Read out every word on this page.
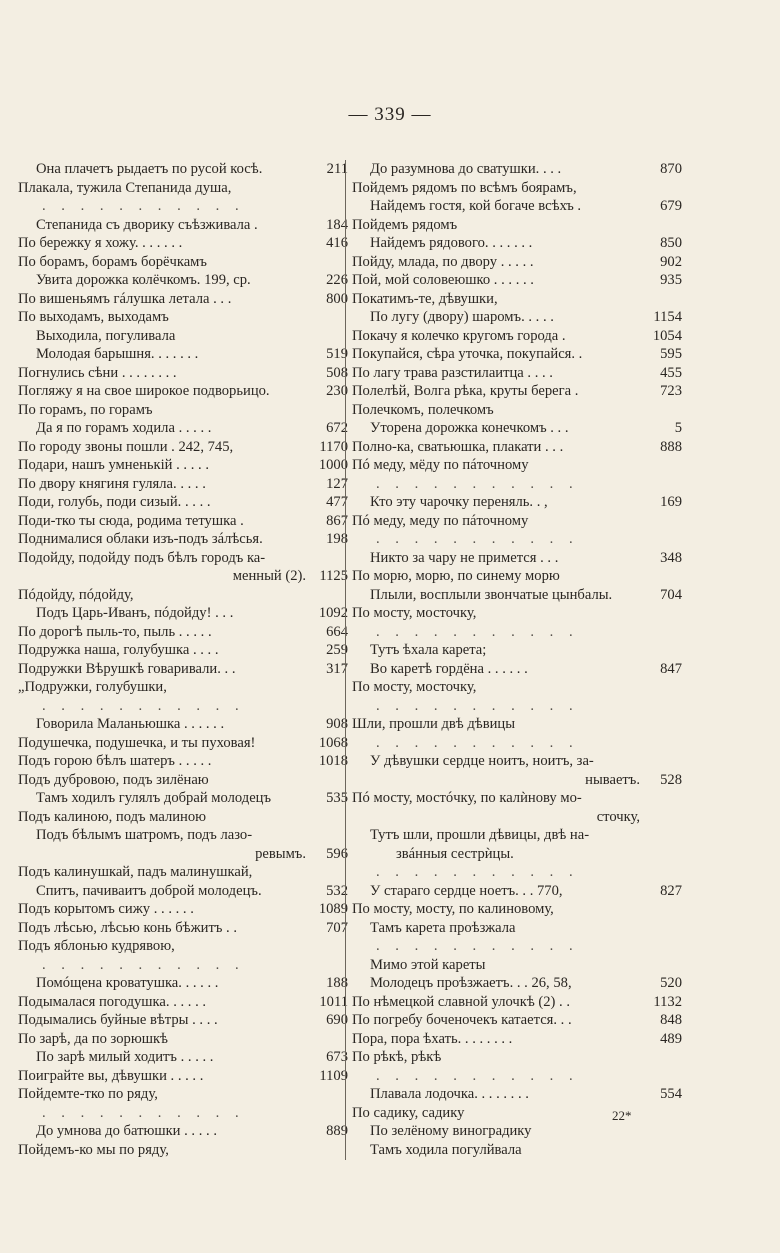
— 339 —
Она плачетъ рыдаетъ по русой косѣ.	211
Плакала, тужила Степанида душа,
. . . . . . . . . . .
Степанида съ дворику съѣзживала .	184
По бережку я хожу. . . . . . .	416
По борамъ, борамъ борёчкамъ
Увита дорожка колёчкомъ. 199, ср.	226
По вишеньямъ гáлушка летала . . .	800
По выходамъ, выходамъ
Выходила, погуливала
Молодая барышня. . . . . . .	519
Погнулись сѣни . . . . . . . .	508
Погляжу я на свое широкое подворьицо.	230
По горамъ, по горамъ
Да я по горамъ ходила . . . . .	672
По городу звоны пошли . 242, 745,	1170
Подари, нашъ умненькій . . . . .	1000
По двору княгиня гуляла. . . . .	127
Поди, голубь, поди сизый. . . . .	477
Поди-тко ты сюда, родима тетушка .	867
Поднималися облаки изъ-подъ зáлѣсья.	198
Подойду, подойду подъ бѣлъ городъ ка-
менный (2). 1125
Пóдойду, пóдойду,
Подъ Царь-Иванъ, пóдойду! . . .	1092
По дорогѣ пыль-то, пыль . . . . .	664
Подружка наша, голубушка . . . .	259
Подружки Вѣрушкѣ говаривали. . .	317
„Подружки, голубушки,
. . . . . . . . . . .
Говорила Маланьюшка . . . . . .	908
Подушечка, подушечка, и ты пуховая!	1068
Подъ горою бѣлъ шатеръ . . . . .	1018
Подъ дубровою, подъ зилёнаю
Тамъ ходилъ гулялъ добрай молодецъ	535
Подъ калиною, подъ малиною
Подъ бѣлымъ шатромъ, подъ лазо-
ревымъ. 596
Подъ калинушкай, падъ малинушкай,
Спитъ, пачиваитъ доброй молодецъ.	532
Подъ корытомъ сижу . . . . . .	1089
Подъ лѣсью, лѣсью конь бѣжитъ . .	707
Подъ яблонью кудрявою,
. . . . . . . . . . .
Помóщена кроватушка. . . . . .	188
Подымалася погодушка. . . . . .	1011
Подымались буйные вѣтры . . . .	690
По зарѣ, да по зорюшкѣ
По зарѣ милый ходитъ . . . . .	673
Поиграйте вы, дѣвушки . . . . .	1109
Пойдемте-тко по ряду,
. . . . . . . . . . .
До умнова до батюшки . . . . .	889
Пойдемъ-ко мы по ряду,
До разумнова до сватушки. . . .	870
Пойдемъ рядомъ по всѣмъ боярамъ,
Найдемъ гостя, кой богаче всѣхъ .	679
Пойдемъ рядомъ
Найдемъ рядового. . . . . . .	850
Пойду, млада, по двору . . . . .	902
Пой, мой соловеюшко . . . . . .	935
Покатимъ-те, дѣвушки,
По лугу (двору) шаромъ. . . . .	1154
Покачу я колечко кругомъ города .	1054
Покупайся, сѣра уточка, покупайся. .	595
По лагу трава разстилаитца . . . .	455
Полелѣй, Волга рѣка, круты берега .	723
Полечкомъ, полечкомъ
Уторена дорожка конечкомъ . . .	5
Полно-ка, сватьюшка, плакати . . .	888
Пó меду, мёду по пáточному
. . . . . . . . . . .
Кто эту чарочку переняль. . ,	169
Пó меду, меду по пáточному
. . . . . . . . . . .
Никто за чару не примется . . .	348
По морю, морю, по синему морю
Плыли, восплыли звончатые цынбалы.	704
По мосту, мосточку,
. . . . . . . . . . .
Тутъ ѣхала карета;
Во каретѣ гордёна . . . . . .	847
По мосту, мосточку,
. . . . . . . . . . .
Шли, прошли двѣ дѣвицы
. . . . . . . . . . .
У дѣвушки сердце ноитъ, ноитъ, за-
нываетъ. 528
Пó мосту, мостóчку, по калѝнову мо-
сточку,
Тутъ шли, прошли дѣвицы, двѣ на-
звáнныя сестрѝцы.
. . . . . . . . . . .
У стараго сердце ноетъ. . . 770,	827
По мосту, мосту, по калиновому,
Тамъ карета проѣзжала
. . . . . . . . . . .
Мимо этой кареты
Молодецъ проѣзжаетъ. . . 26, 58,	520
По нѣмецкой славной улочкѣ (2) . .	1132
По погребу боченочекъ катается. . .	848
Пора, пора ѣхать. . . . . . . .	489
По рѣкѣ, рѣкѣ
. . . . . . . . . . .
Плавала лодочка. . . . . . . .	554
По садику, садику
По зелёному виноградику
Тамъ ходила погулйвала
22*
